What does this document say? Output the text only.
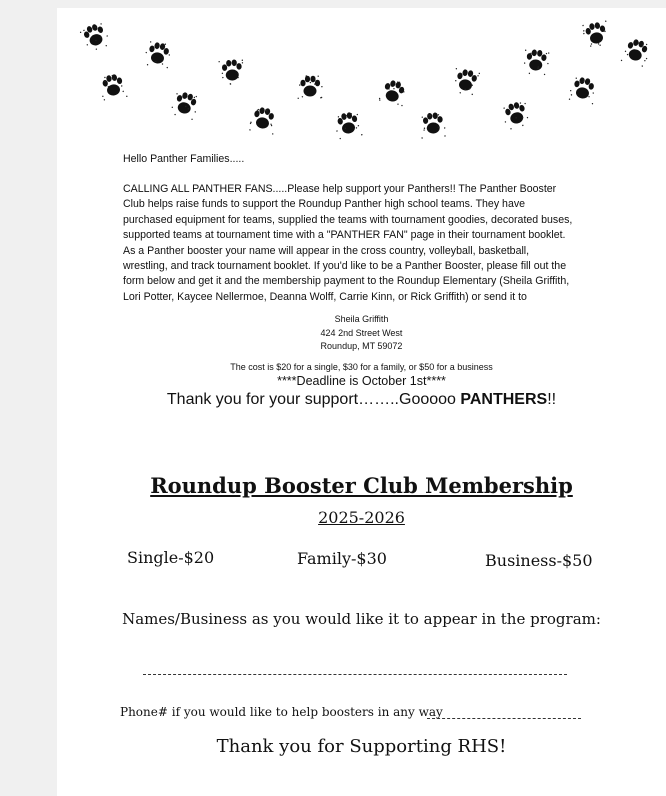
Hello Panther Families.....
CALLING ALL PANTHER FANS.....Please help support your Panthers!! The Panther Booster
Club helps raise funds to support the Roundup Panther high school teams. They have
purchased equipment for teams, supplied the teams with tournament goodies, decorated buses,
supported teams at tournament time with a "PANTHER FAN" page in their tournament booklet.
As a Panther booster your name will appear in the cross country, volleyball, basketball,
wrestling, and track tournament booklet. If you'd like to be a Panther Booster, please fill out the
form below and get it and the membership payment to the Roundup Elementary (Sheila Griffith,
Lori Potter, Kaycee Nellermoe, Deanna Wolff, Carrie Kinn, or Rick Griffith) or send it to
Sheila Griffith
424 2nd Street West
Roundup, MT 59072
The cost is $20 for a single, $30 for a family, or $50 for a business
****Deadline is October 1st****
Thank you for your support……..Gooooo PANTHERS!!
Roundup Booster Club Membership
2025-2026
Single-$20	Family-$30	Business-$50
Names/Business as you would like it to appear in the program:
Phone# if you would like to help boosters in any way
Thank you for Supporting RHS!
